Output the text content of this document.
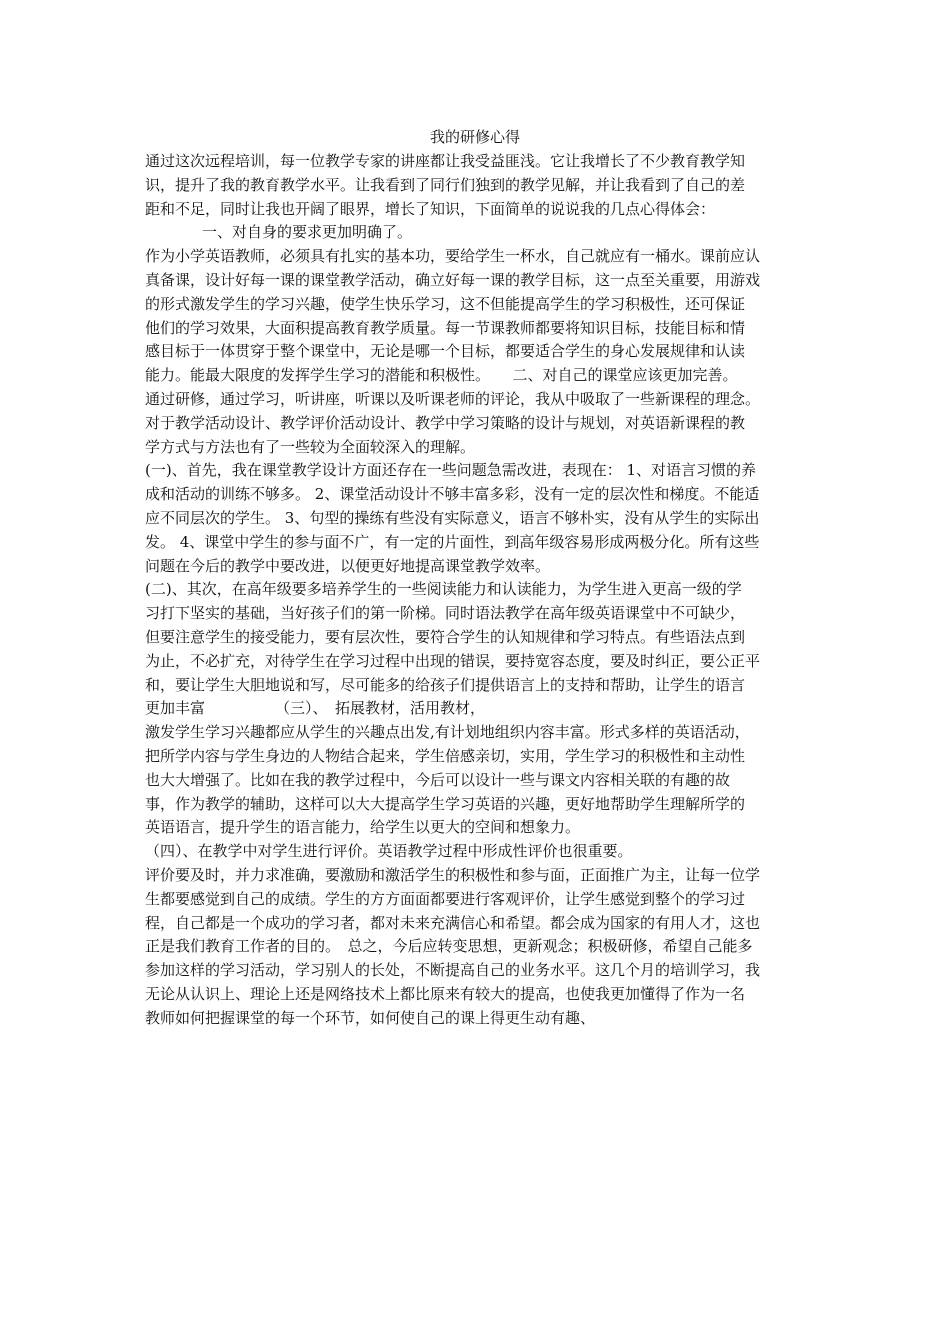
我的研修心得
通过这次远程培训，每一位教学专家的讲座都让我受益匪浅。它让我增长了不少教育教学知
识，提升了我的教育教学水平。让我看到了同行们独到的教学见解，并让我看到了自己的差
距和不足，同时让我也开阔了眼界，增长了知识，下面简单的说说我的几点心得体会：
一、对自身的要求更加明确了。
作为小学英语教师，必须具有扎实的基本功，要给学生一杯水，自己就应有一桶水。课前应认
真备课，设计好每一课的课堂教学活动，确立好每一课的教学目标，这一点至关重要，用游戏
的形式激发学生的学习兴趣，使学生快乐学习，这不但能提高学生的学习积极性，还可保证
他们的学习效果，大面积提高教育教学质量。每一节课教师都要将知识目标，技能目标和情
感目标于一体贯穿于整个课堂中，无论是哪一个目标，都要适合学生的身心发展规律和认读
能力。能最大限度的发挥学生学习的潜能和积极性。　　二、对自己的课堂应该更加完善。
通过研修，通过学习，听讲座，听课以及听课老师的评论，我从中吸取了一些新课程的理念。
对于教学活动设计、教学评价活动设计、教学中学习策略的设计与规划，对英语新课程的教
学方式与方法也有了一些较为全面较深入的理解。
(一)、首先，我在课堂教学设计方面还存在一些问题急需改进，表现在： 1、对语言习惯的养
成和活动的训练不够多。 2、课堂活动设计不够丰富多彩，没有一定的层次性和梯度。不能适
应不同层次的学生。 3、句型的操练有些没有实际意义，语言不够朴实，没有从学生的实际出
发。 4、课堂中学生的参与面不广，有一定的片面性，到高年级容易形成两极分化。所有这些
问题在今后的教学中要改进，以便更好地提高课堂教学效率。
(二)、其次，在高年级要多培养学生的一些阅读能力和认读能力，为学生进入更高一级的学
习打下坚实的基础，当好孩子们的第一阶梯。同时语法教学在高年级英语课堂中不可缺少，
但要注意学生的接受能力，要有层次性，要符合学生的认知规律和学习特点。有些语法点到
为止，不必扩充，对待学生在学习过程中出现的错误，要持宽容态度，要及时纠正，要公正平
和，要让学生大胆地说和写，尽可能多的给孩子们提供语言上的支持和帮助，让学生的语言
更加丰富	（三）、　拓展教材，活用教材，
激发学生学习兴趣都应从学生的兴趣点出发,有计划地组织内容丰富。形式多样的英语活动，
把所学内容与学生身边的人物结合起来，学生倍感亲切，实用，学生学习的积极性和主动性
也大大增强了。比如在我的教学过程中，今后可以设计一些与课文内容相关联的有趣的故
事，作为教学的辅助，这样可以大大提高学生学习英语的兴趣，更好地帮助学生理解所学的
英语语言，提升学生的语言能力，给学生以更大的空间和想象力。
（四）、在教学中对学生进行评价。英语教学过程中形成性评价也很重要。
评价要及时，并力求准确，要激励和激活学生的积极性和参与面，正面推广为主，让每一位学
生都要感觉到自己的成绩。学生的方方面面都要进行客观评价，让学生感觉到整个的学习过
程，自己都是一个成功的学习者，都对未来充满信心和希望。都会成为国家的有用人才，这也
正是我们教育工作者的目的。　总之，今后应转变思想，更新观念；积极研修，希望自己能多
参加这样的学习活动，学习别人的长处，不断提高自己的业务水平。这几个月的培训学习，我
无论从认识上、理论上还是网络技术上都比原来有较大的提高，也使我更加懂得了作为一名
教师如何把握课堂的每一个环节，如何使自己的课上得更生动有趣、
